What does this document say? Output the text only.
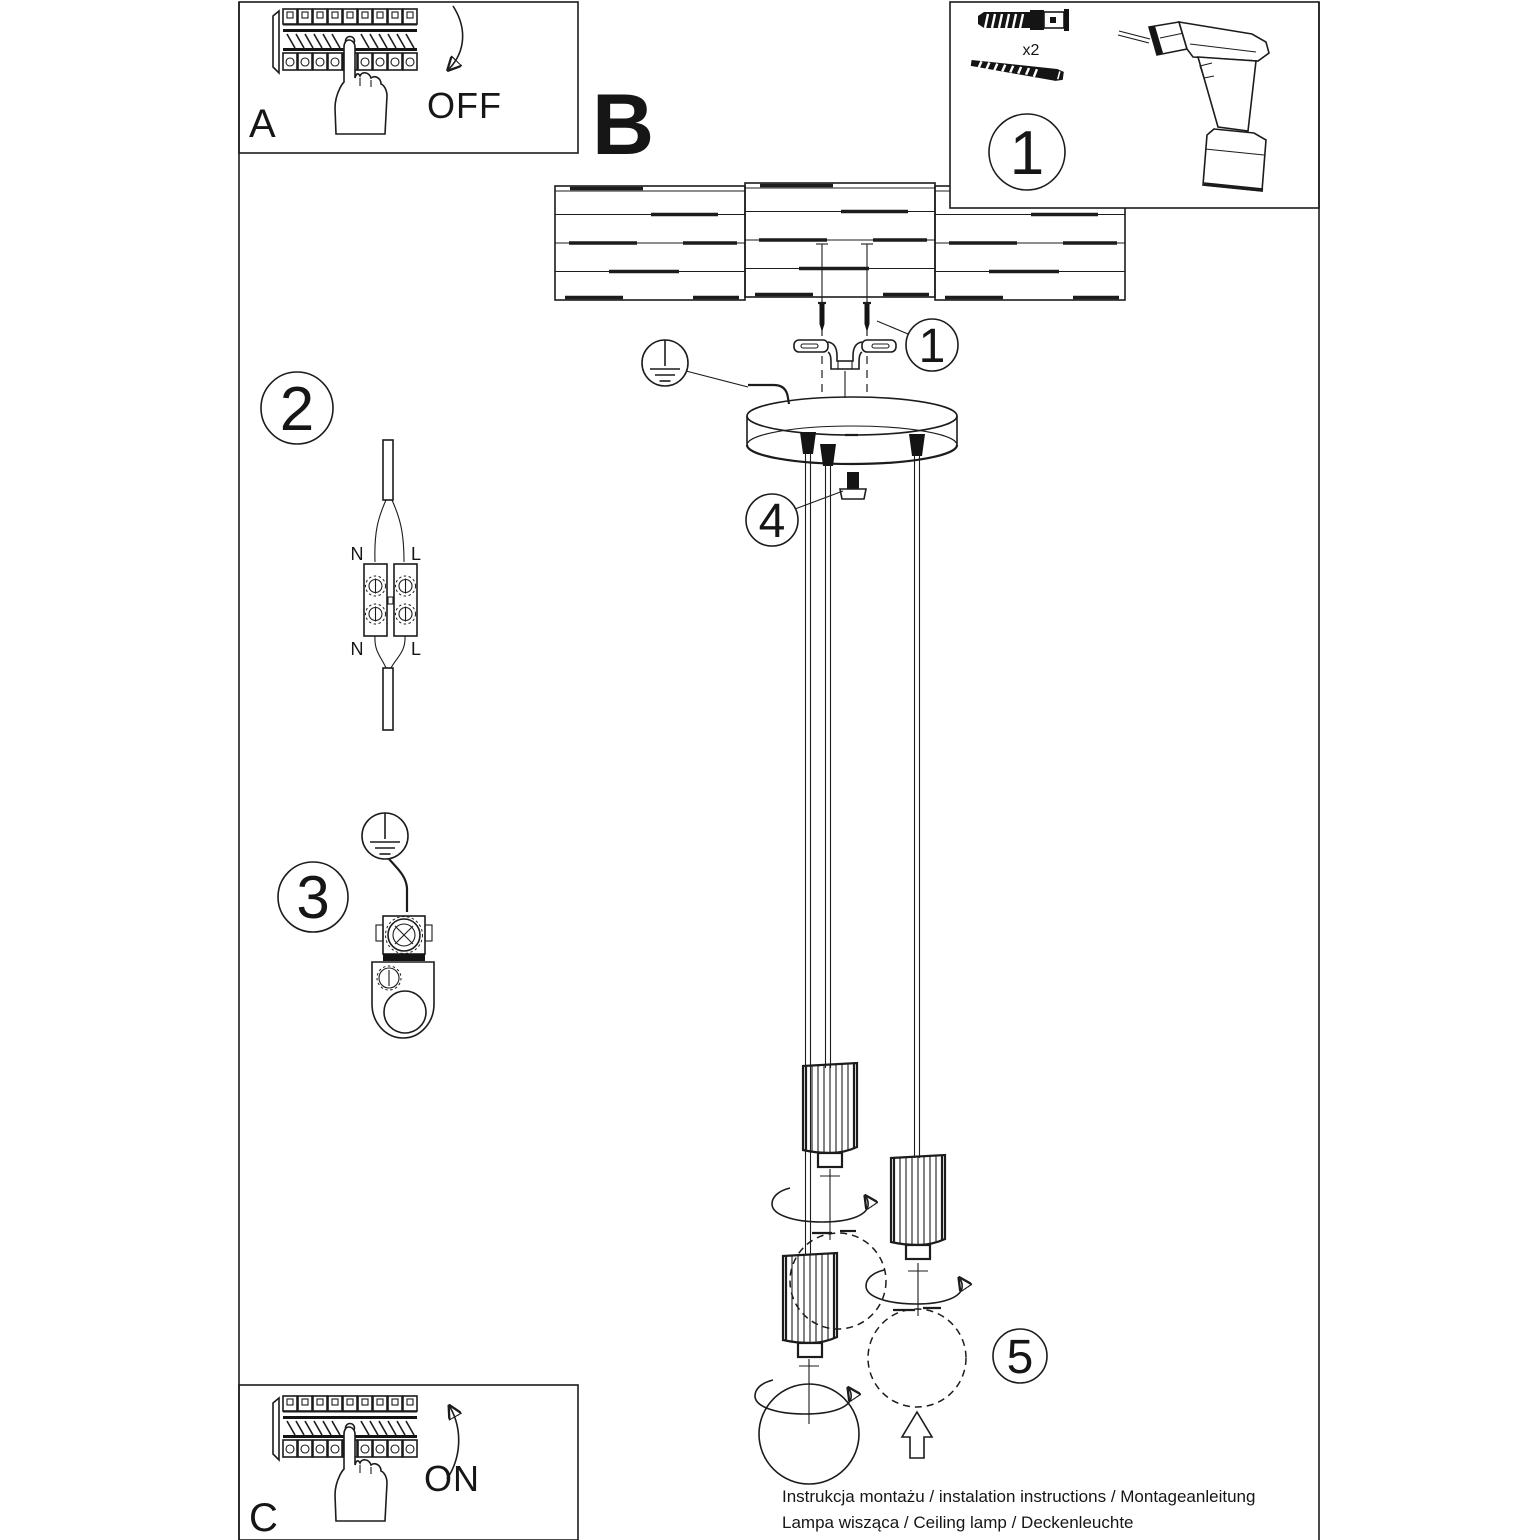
x2
1
1
4
5
2
N	L
N	L
3
A	OFF
C
ON
B
Instrukcja montażu / instalation instructions / Montageanleitung
Lampa wisząca / Ceiling lamp / Deckenleuchte
